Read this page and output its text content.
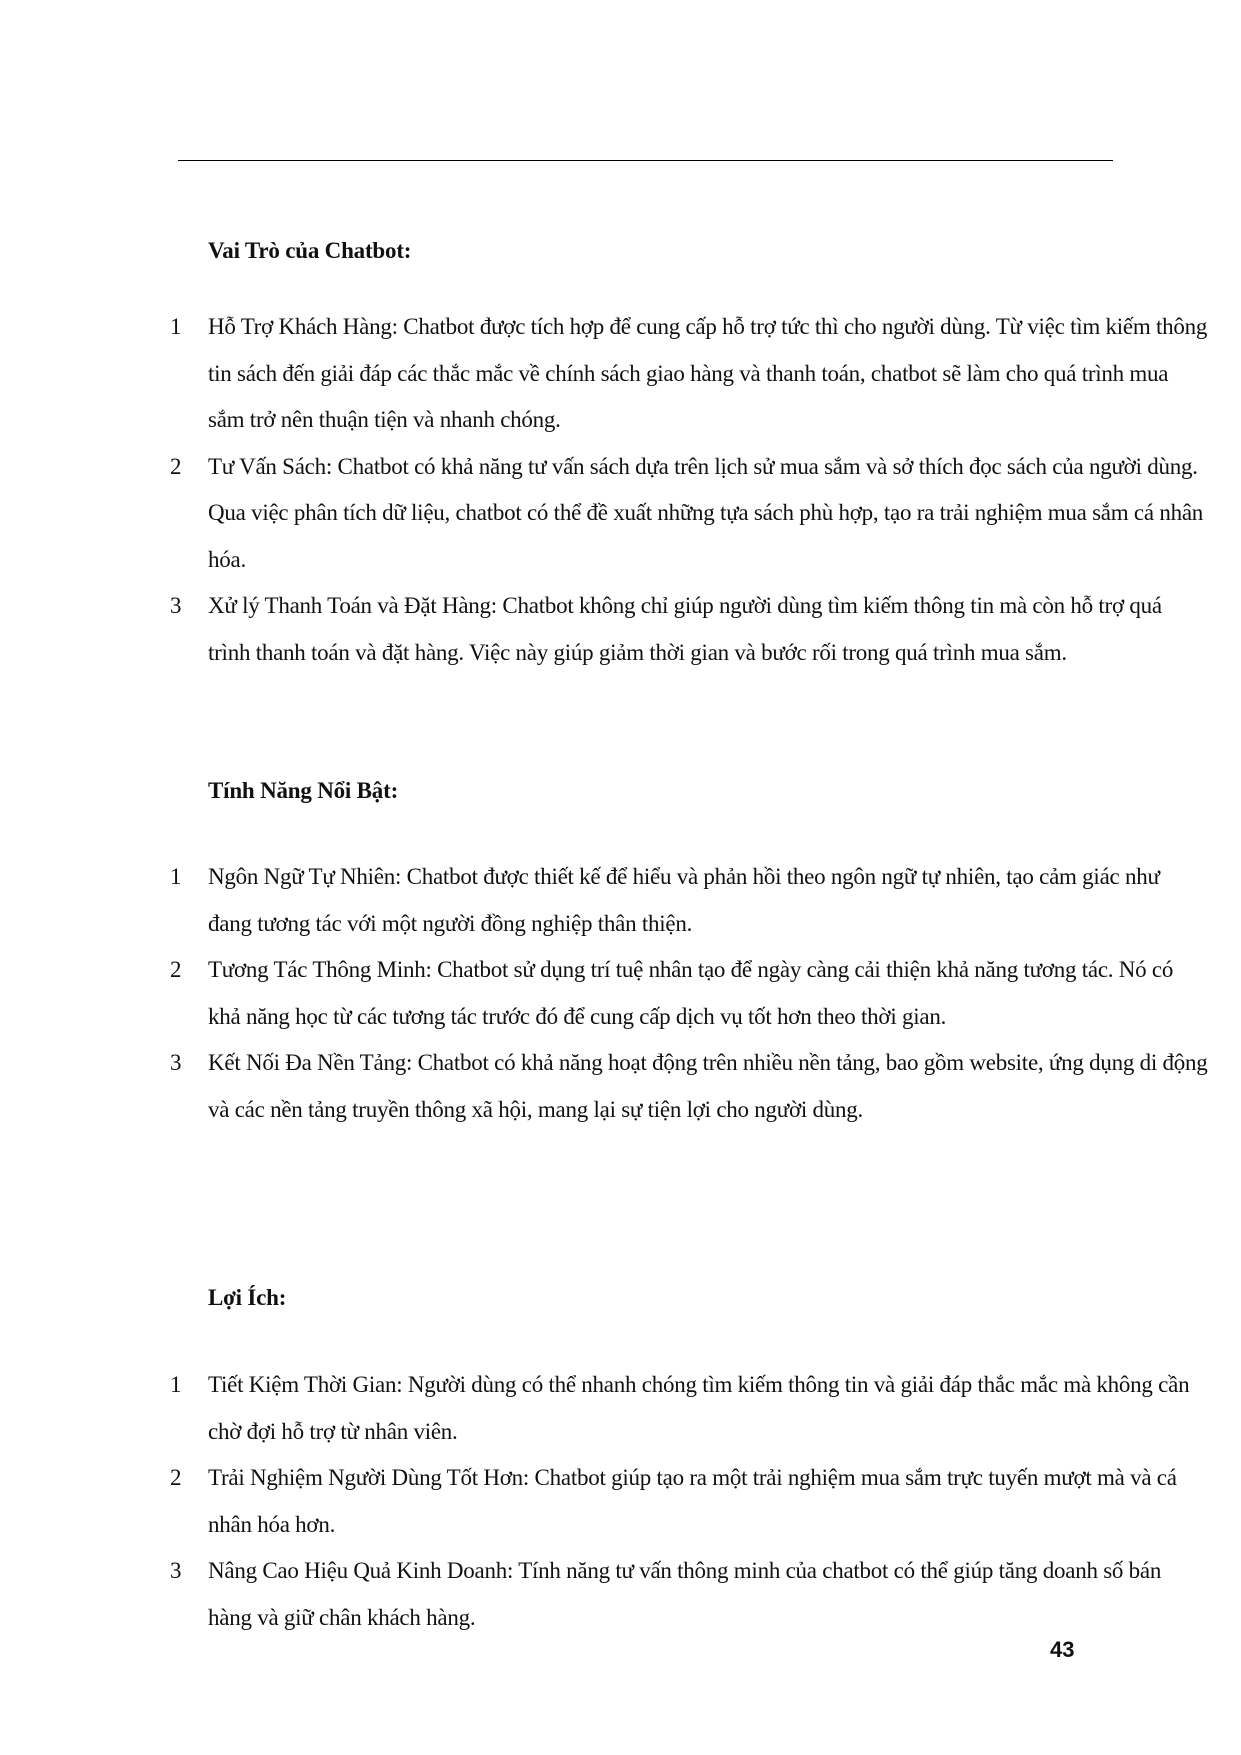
Vai Trò của Chatbot:
1	Hỗ Trợ Khách Hàng: Chatbot được tích hợp để cung cấp hỗ trợ tức thì cho người dùng. Từ việc tìm kiếm thông tin sách đến giải đáp các thắc mắc về chính sách giao hàng và thanh toán, chatbot sẽ làm cho quá trình mua sắm trở nên thuận tiện và nhanh chóng.
2	Tư Vấn Sách: Chatbot có khả năng tư vấn sách dựa trên lịch sử mua sắm và sở thích đọc sách của người dùng. Qua việc phân tích dữ liệu, chatbot có thể đề xuất những tựa sách phù hợp, tạo ra trải nghiệm mua sắm cá nhân hóa.
3	Xử lý Thanh Toán và Đặt Hàng: Chatbot không chỉ giúp người dùng tìm kiếm thông tin mà còn hỗ trợ quá trình thanh toán và đặt hàng. Việc này giúp giảm thời gian và bước rối trong quá trình mua sắm.
Tính Năng Nổi Bật:
1	Ngôn Ngữ Tự Nhiên: Chatbot được thiết kế để hiểu và phản hồi theo ngôn ngữ tự nhiên, tạo cảm giác như đang tương tác với một người đồng nghiệp thân thiện.
2	Tương Tác Thông Minh: Chatbot sử dụng trí tuệ nhân tạo để ngày càng cải thiện khả năng tương tác. Nó có khả năng học từ các tương tác trước đó để cung cấp dịch vụ tốt hơn theo thời gian.
3	Kết Nối Đa Nền Tảng: Chatbot có khả năng hoạt động trên nhiều nền tảng, bao gồm website, ứng dụng di động và các nền tảng truyền thông xã hội, mang lại sự tiện lợi cho người dùng.
Lợi Ích:
1	Tiết Kiệm Thời Gian: Người dùng có thể nhanh chóng tìm kiếm thông tin và giải đáp thắc mắc mà không cần chờ đợi hỗ trợ từ nhân viên.
2	Trải Nghiệm Người Dùng Tốt Hơn: Chatbot giúp tạo ra một trải nghiệm mua sắm trực tuyến mượt mà và cá nhân hóa hơn.
3	Nâng Cao Hiệu Quả Kinh Doanh: Tính năng tư vấn thông minh của chatbot có thể giúp tăng doanh số bán hàng và giữ chân khách hàng.
43
